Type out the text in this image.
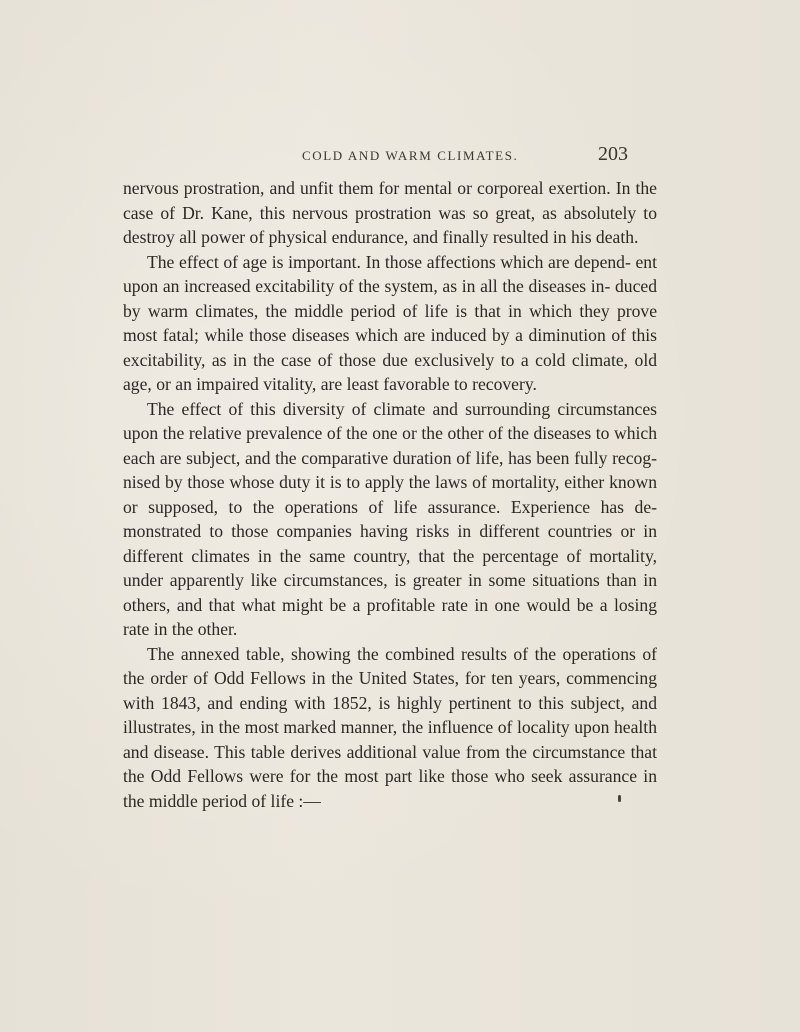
COLD AND WARM CLIMATES.	203

nervous prostration, and unfit them for mental or corporeal exertion. In the case of Dr. Kane, this nervous prostration was so great, as absolutely to destroy all power of physical endurance, and finally resulted in his death.

The effect of age is important. In those affections which are depend- ent upon an increased excitability of the system, as in all the diseases in- duced by warm climates, the middle period of life is that in which they prove most fatal; while those diseases which are induced by a diminution of this excitability, as in the case of those due exclusively to a cold climate, old age, or an impaired vitality, are least favorable to recovery.

The effect of this diversity of climate and surrounding circumstances upon the relative prevalence of the one or the other of the diseases to which each are subject, and the comparative duration of life, has been fully recog- nised by those whose duty it is to apply the laws of mortality, either known or supposed, to the operations of life assurance. Experience has de- monstrated to those companies having risks in different countries or in different climates in the same country, that the percentage of mortality, under apparently like circumstances, is greater in some situations than in others, and that what might be a profitable rate in one would be a losing rate in the other.

The annexed table, showing the combined results of the operations of the order of Odd Fellows in the United States, for ten years, commencing with 1843, and ending with 1852, is highly pertinent to this subject, and illustrates, in the most marked manner, the influence of locality upon health and disease. This table derives additional value from the circumstance that the Odd Fellows were for the most part like those who seek assurance in the middle period of life :—
